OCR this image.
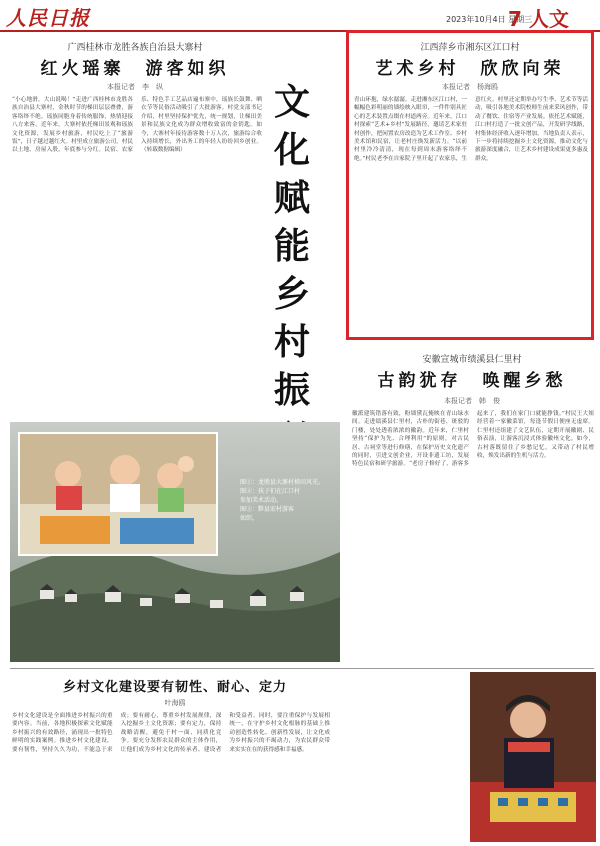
人民日报	2023年10月4日 星期三
7 人文
广西桂林市龙胜各族自治县大寨村
红火瑶寨　游客如织
本报记者　李　纵
“小心地滑，大山说喝！”走进广西桂林市龙胜各族自治县大寨村，金秋时节的梯田层层叠叠，游客络绎不绝。瑶族同胞身着传统服饰，热情迎接八方来客。近年来，大寨村依托梯田景观和瑶族文化资源，发展乡村旅游，村民吃上了“旅游饭”，日子越过越红火。村里成立旅游公司，村民以土地、房屋入股，年底参与分红。民宿、农家乐、特色手工艺品店遍布寨中，瑶族长鼓舞、晒衣节等民俗活动吸引了大批游客。村党支部书记介绍，村里坚持保护优先，统一规划，让梯田美景和民族文化成为群众增收致富的金钥匙。如今，大寨村年接待游客数十万人次，旅游综合收入持续增长，外出务工的年轻人纷纷回乡创业。（转载数据编辑）
文化赋能　乡村振
江西萍乡市湘东区江口村
艺术乡村　欣欣向荣
本报记者　杨海鸥
青山环抱，绿水潺潺。走进湘东区江口村，一幅幅色彩明丽的墙绘映入眼帘，一件件别具匠心的艺术装置点缀在村道两旁。近年来，江口村探索“艺术+乡村”发展路径，邀请艺术家驻村创作，把闲置农房改造为艺术工作室、乡村美术馆和民宿，让老村庄焕发新活力。“以前村里冷冷清清，现在每到周末游客络绎不绝。”村民老李在自家院子里开起了农家乐，生意红火。村里还定期举办写生季、艺术节等活动，吸引各地美术院校师生前来采风创作，带动了餐饮、住宿等产业发展。依托艺术赋能，江口村打造了一批文创产品，开发研学线路，村集体经济收入逐年增加。当地负责人表示，下一步将持续挖掘乡土文化资源，推动文化与旅游深度融合，让艺术乡村建设成果更多惠及群众。
图①：龙胜县大寨村梯田风光。
图②：孩子们在江口村
参加美术活动。
图③：黟县宏村游客
如织。
安徽宣城市绩溪县仁里村
古韵犹存　唤醒乡愁
本报记者　韩　俊
徽派建筑错落有致，粉墙黛瓦掩映在青山绿水间。走进绩溪县仁里村，古朴的街巷、斑驳的门楼，处处透着浓浓的徽韵。近年来，仁里村坚持“保护为先、合理利用”的原则，对古民居、古祠堂等进行修缮，在保护历史文化遗产的同时，引进文创企业，开设非遗工坊，发展特色民宿和研学旅游。“老房子修好了，游客多起来了，我们在家门口就能挣钱。”村民王大姐经营着一家徽菜馆，每逢节假日便座无虚席。仁里村还组建了文艺队伍，定期开展徽剧、民俗表演，让游客沉浸式体验徽州文化。如今，古村落既留住了乡愁记忆，又带动了村民增收，焕发出新的生机与活力。
乡村文化建设要有韧性、耐心、定力
叶海鸥
乡村文化建设是全面推进乡村振兴的重要内容。当前，各地积极探索文化赋能乡村振兴的有效路径，涌现出一批特色鲜明的实践案例。推进乡村文化建设，要有韧性，坚持久久为功，不能急于求成；要有耐心，尊重乡村发展规律，深入挖掘乡土文化资源；要有定力，保持战略清醒，避免千村一面、同质化竞争。要充分发挥农民群众的主体作用，让他们成为乡村文化的传承者、建设者和受益者。同时，要注重保护与发展相统一，在守护乡村文化根脉的基础上推动创造性转化、创新性发展，让文化成为乡村振兴的不竭动力，为农民群众带来实实在在的获得感和幸福感。
